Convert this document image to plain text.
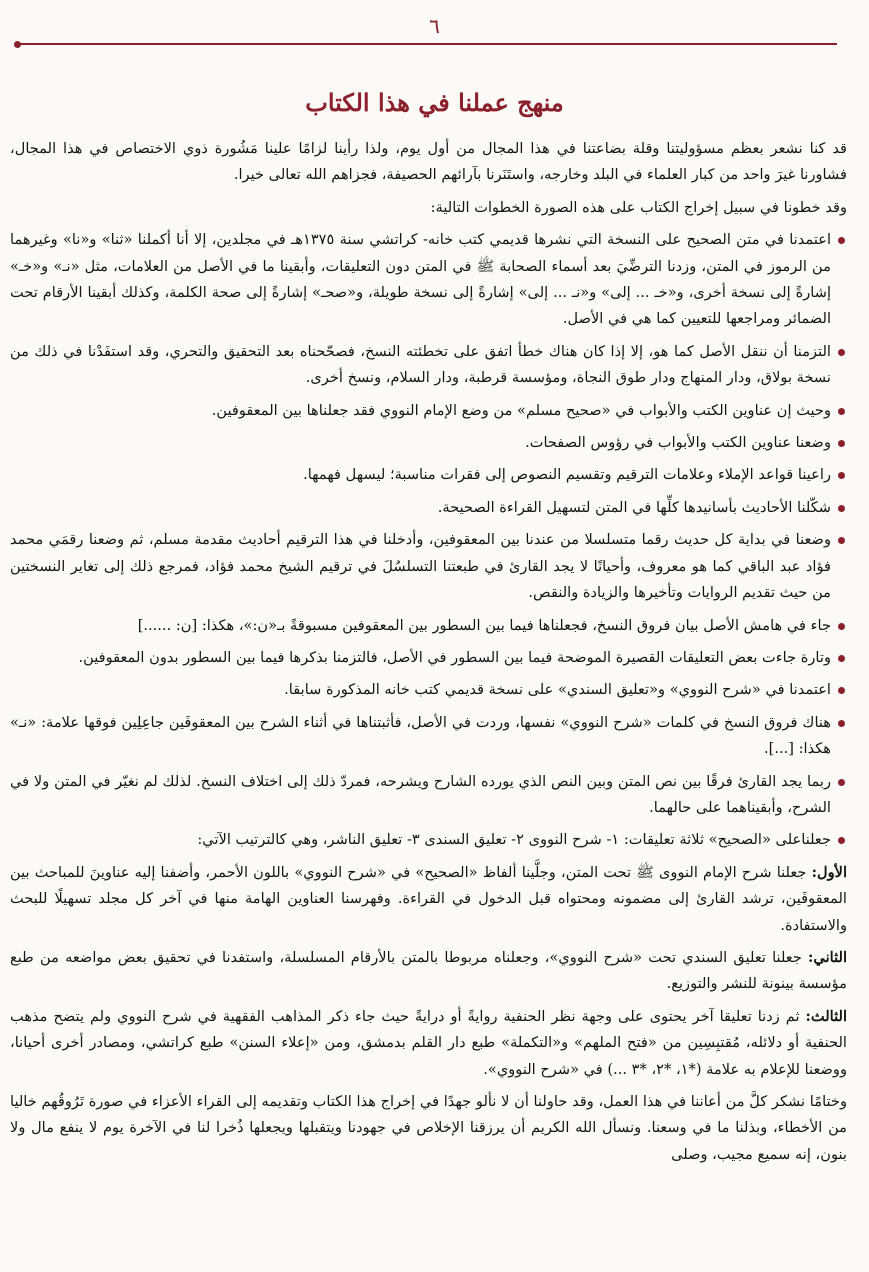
٦
منهج عملنا في هذا الكتاب
قد كنا نشعر بعظم مسؤوليتنا وقلة بضاعتنا في هذا المجال من أول يوم، ولذا رأينا لزامًا علينا مَشُورة ذوي الاختصاص في هذا المجال، فشاورنا غيرَ واحد من كبار العلماء في البلد وخارجه، واستَنَرنا بآرائهم الحصيفة، فجزاهم الله تعالى خيرا.
وقد خطونا في سبيل إخراج الكتاب على هذه الصورة الخطوات التالية:
اعتمدنا في متن الصحيح على النسخة التي نشرها قديمي كتب خانه- كراتشي سنة ١٣٧٥هـ في مجلدين، إلا أنا أكملنا «ثنا» و«نا» وغيرهما من الرموز في المتن، وزدنا الترضِّيَ بعد أسماء الصحابة ﷺ في المتن دون التعليقات، وأبقينا ما في الأصل من العلامات، مثل «نـ» و«خـ» إشارةً إلى نسخة أخرى، و«خـ ... إلى» و«نـ ... إلى» إشارةً إلى نسخة طويلة، و«صحـ» إشارةً إلى صحة الكلمة، وكذلك أبقينا الأرقام تحت الضمائر ومراجعها للتعيين كما هي في الأصل.
التزمنا أن ننقل الأصل كما هو، إلا إذا كان هناك خطأ اتفق على تخطئته النسخ، فصحّحناه بعد التحقيق والتحري، وقد استفَدْنا في ذلك من نسخة بولاق، ودار المنهاج ودار طوق النجاة، ومؤسسة قرطبة، ودار السلام، ونسخ أخرى.
وحيث إن عناوين الكتب والأبواب في «صحيح مسلم» من وضع الإمام النووي فقد جعلناها بين المعقوفين.
وضعنا عناوين الكتب والأبواب في رؤوس الصفحات.
راعينا قواعد الإملاء وعلامات الترقيم وتقسيم النصوص إلى فقرات مناسبة؛ ليسهل فهمها.
شكّلنا الأحاديث بأسانيدها كلِّها في المتن لتسهيل القراءة الصحيحة.
وضعنا في بداية كل حديث رقما متسلسلا من عندنا بين المعقوفين، وأدخلنا في هذا الترقيم أحاديث مقدمة مسلم، ثم وضعنا رقمَي محمد فؤاد عبد الباقي كما هو معروف، وأحيانًا لا يجد القارئ في طبعتنا التسلسُلَ في ترقيم الشيخ محمد فؤاد، فمرجع ذلك إلى تغاير النسختين من حيث تقديم الروايات وتأخيرها والزيادة والنقص.
جاء في هامش الأصل بيان فروق النسخ، فجعلناها فيما بين السطور بين المعقوفين مسبوقةً بـ«ن:»، هكذا: [ن: ......]
وتارة جاءت بعض التعليقات القصيرة الموضحة فيما بين السطور في الأصل، فالتزمنا بذكرها فيما بين السطور بدون المعقوفين.
اعتمدنا في «شرح النووي» و«تعليق السندي» على نسخة قديمي كتب خانه المذكورة سابقا.
هناك فروق النسخ في كلمات «شرح النووي» نفسها، وردت في الأصل، فأثبتناها في أثناء الشرح بين المعقوفَين جاعِلِين فوقها علامة: «نـ» هكذا: [...].
ربما يجد القارئ فرقًا بين نص المتن وبين النص الذي يورده الشارح ويشرحه، فمردّ ذلك إلى اختلاف النسخ. لذلك لم نغيّر في المتن ولا في الشرح، وأبقيناهما على حالهما.
جعلناعلى «الصحيح» ثلاثة تعليقات: ١- شرح النووى ٢- تعليق السندى ٣- تعليق الناشر، وهي كالترتيب الآتي:
الأول: جعلنا شرح الإمام النووى ﷺ تحت المتن، وجلَّينا ألفاظ «الصحيح» في «شرح النووي» باللون الأحمر، وأضفنا إليه عناوينَ للمباحث بين المعقوفَين، ترشد القارئ إلى مضمونه ومحتواه قبل الدخول في القراءة. وفهرسنا العناوين الهامة منها في آخر كل مجلد تسهيلًا للبحث والاستفادة.
الثاني: جعلنا تعليق السندي تحت «شرح النووي»، وجعلناه مربوطا بالمتن بالأرقام المسلسلة، واستفدنا في تحقيق بعض مواضعه من طبع مؤسسة بينونة للنشر والتوزيع.
الثالث: ثم زدنا تعليقا آخر يحتوى على وجهة نظر الحنفية روايةً أو درايةً حيث جاء ذكر المذاهب الفقهية في شرح النووي ولم يتضح مذهب الحنفية أو دلائله، مُقتبِسِين من «فتح الملهم» و«التكملة» طبع دار القلم بدمشق، ومن «إعلاء السنن» طبع كراتشي، ومصادر أخرى أحيانا، ووضعنا للإعلام به علامة (*١، *٢، *٣ ...) في «شرح النووي».
وختامًا نشكر كلَّ من أعاننا في هذا العمل، وقد حاولنا أن لا نألو جهدًا في إخراج هذا الكتاب وتقديمه إلى القراء الأعزاء في صورة تَرُوقُهم خاليا من الأخطاء، وبذلنا ما في وسعنا. ونسأل الله الكريم أن يرزقنا الإخلاص في جهودنا ويتقبلها ويجعلها ذُخرا لنا في الآخرة يوم لا ينفع مال ولا بنون، إنه سميع مجيب، وصلى
